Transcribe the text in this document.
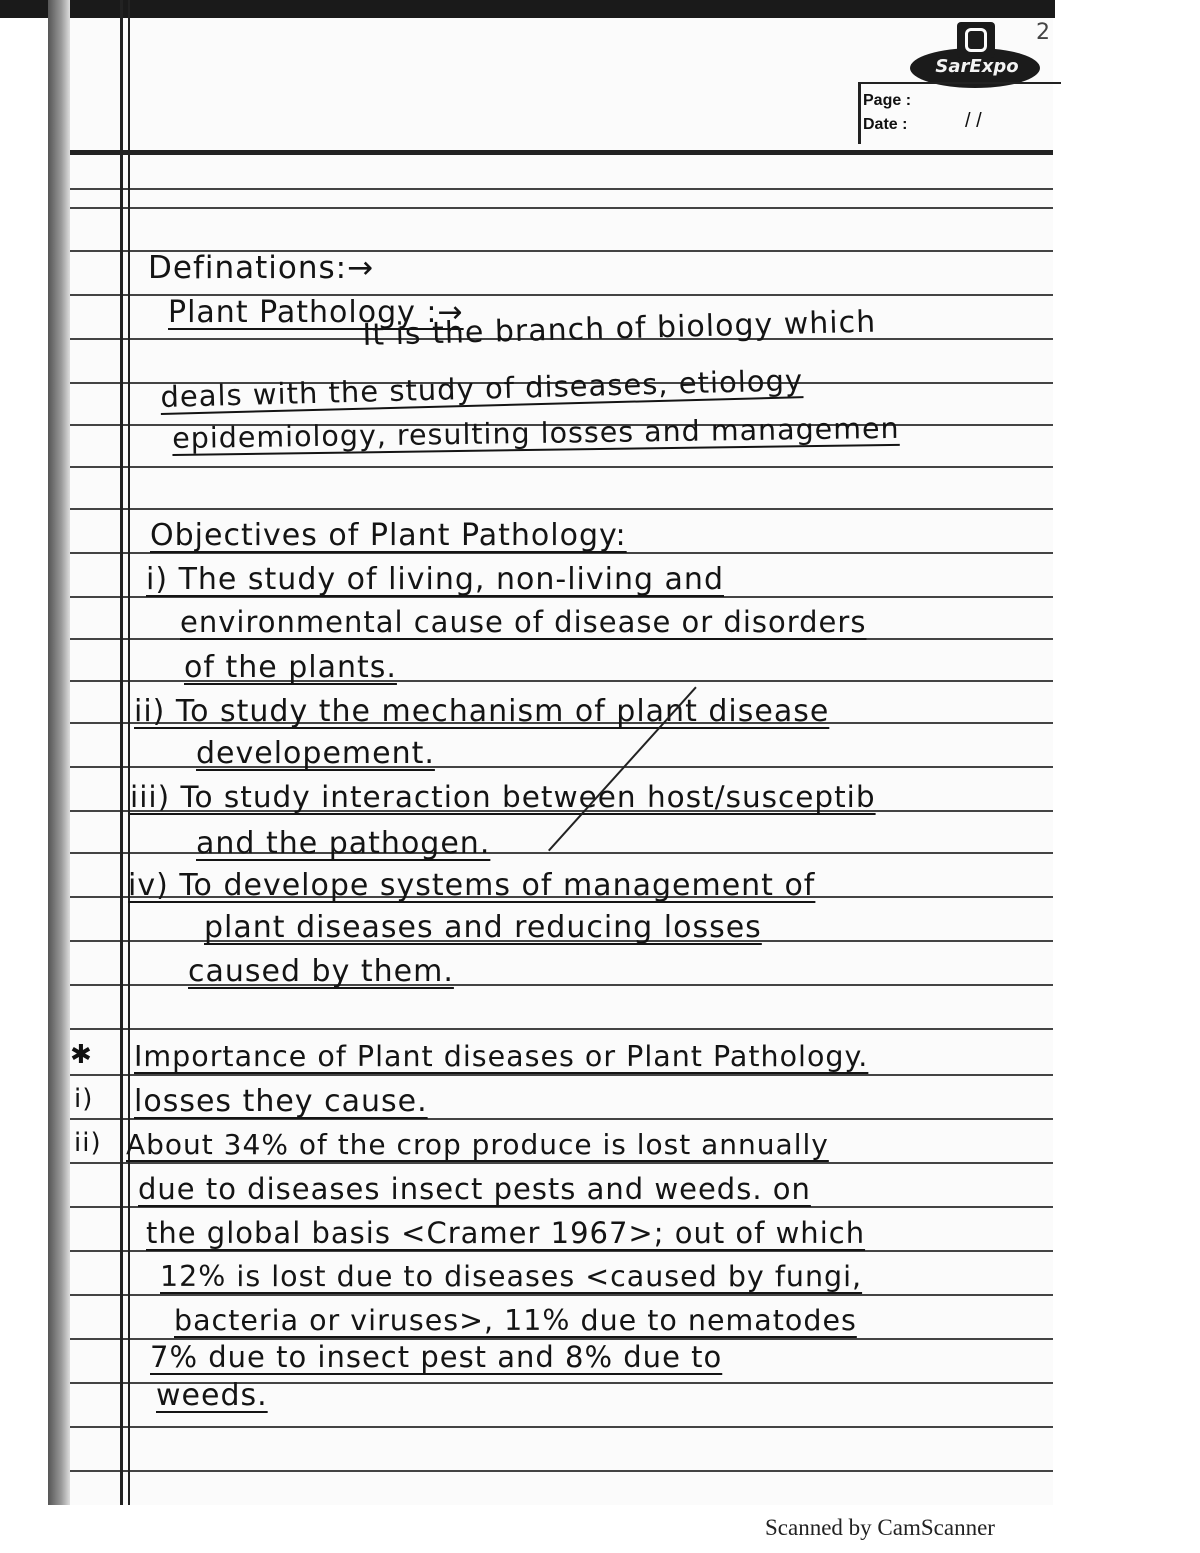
2
SarExpo
Page :
Date :	/ /
Definations:→
Plant Pathology :→
It is the branch of biology which
deals with the study of diseases, etiology
epidemiology, resulting losses and managemen
Objectives of Plant Pathology:
i) The study of living, non-living and
environmental cause of disease or disorders
of the plants.
ii) To study the mechanism of plant disease
developement.
iii) To study interaction between host/susceptib
and the pathogen.
iv) To develope systems of management of
plant diseases and reducing losses
caused by them.
✱ Importance of Plant diseases or Plant Pathology.
i) losses they cause.
ii) About 34% of the crop produce is lost annually
due to diseases insect pests and weeds. on
the global basis <Cramer 1967>; out of which
12% is lost due to diseases <caused by fungi,
bacteria or viruses>, 11% due to nematodes
7% due to insect pest and 8% due to
weeds.
Scanned by CamScanner
